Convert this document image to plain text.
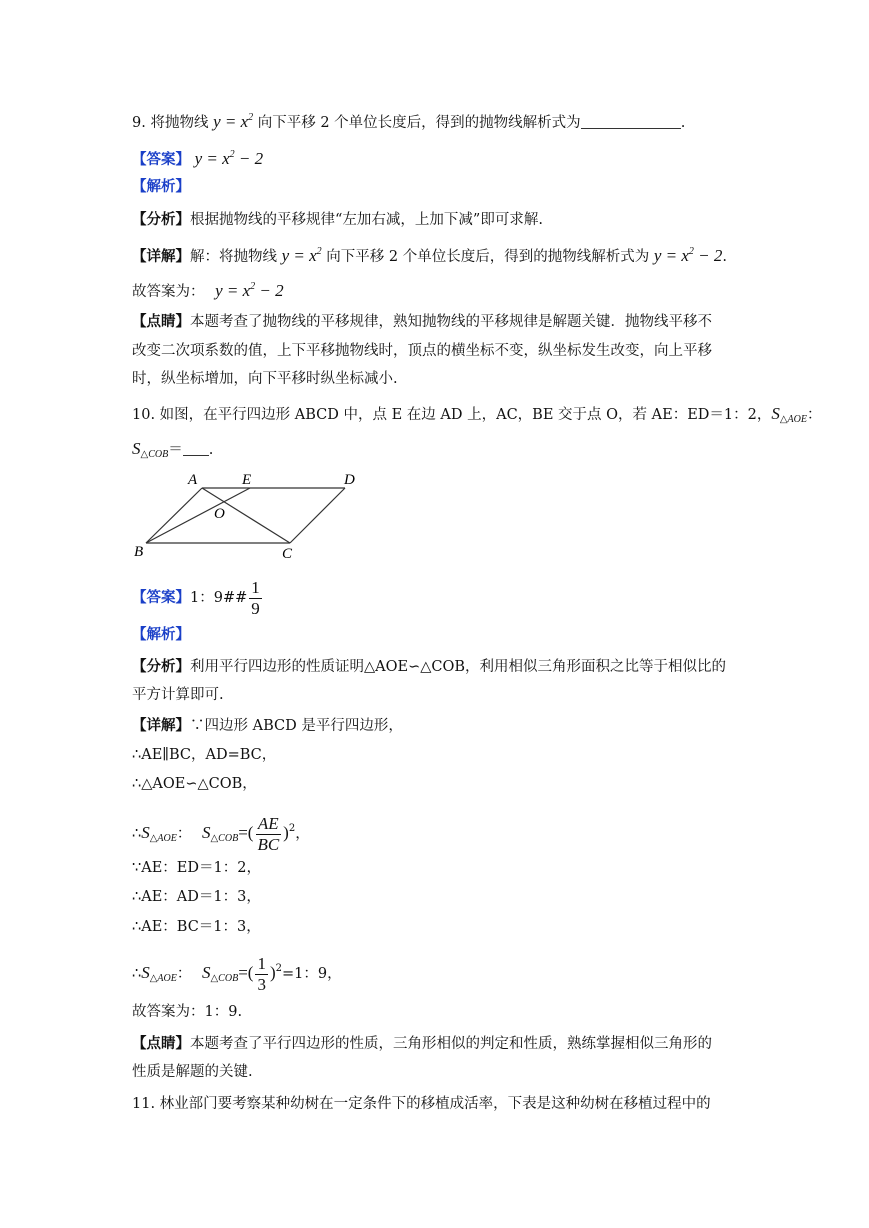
9. 将抛物线 $y = x^2$ 向下平移 2 个单位长度后，得到的抛物线解析式为	.
【答案】 $y = x^2 - 2$
【解析】
【分析】根据抛物线的平移规律“左加右减，上加下减”即可求解.
【详解】解：将抛物线 $y = x^2$ 向下平移 2 个单位长度后，得到的抛物线解析式为 $y = x^2 - 2$.
故答案为： $y = x^2 - 2$
【点睛】本题考查了抛物线的平移规律，熟知抛物线的平移规律是解题关键．抛物线平移不
改变二次项系数的值，上下平移抛物线时，顶点的横坐标不变，纵坐标发生改变，向上平移
时，纵坐标增加，向下平移时纵坐标减小.
10. 如图，在平行四边形 ABCD 中，点 E 在边 AD 上，AC，BE 交于点 O，若 AE：ED＝1：2，$S_{\triangle AOE}$：
$S_{\triangle COB}=$ .
A	E	D
O
B	C
【答案】1：9## $\frac{1}{9}$
【解析】
【分析】利用平行四边形的性质证明△AOE∽△COB，利用相似三角形面积之比等于相似比的
平方计算即可.
【详解】∵四边形 ABCD 是平行四边形，
∴AE∥BC，AD=BC，
∴△AOE∽△COB，
$\therefore S_{\triangle AOE}$： $S_{\triangle COB}=( \frac{AE}{BC} )^2$，
∵AE：ED＝1：2，
∴AE：AD＝1：3，
∴AE：BC＝1：3，
$\therefore S_{\triangle AOE}$： $S_{\triangle COB}=( \frac{1}{3} )^2=1$：9，
故答案为：1：9.
【点睛】本题考查了平行四边形的性质，三角形相似的判定和性质，熟练掌握相似三角形的
性质是解题的关键.
11. 林业部门要考察某种幼树在一定条件下的移植成活率，下表是这种幼树在移植过程中的
